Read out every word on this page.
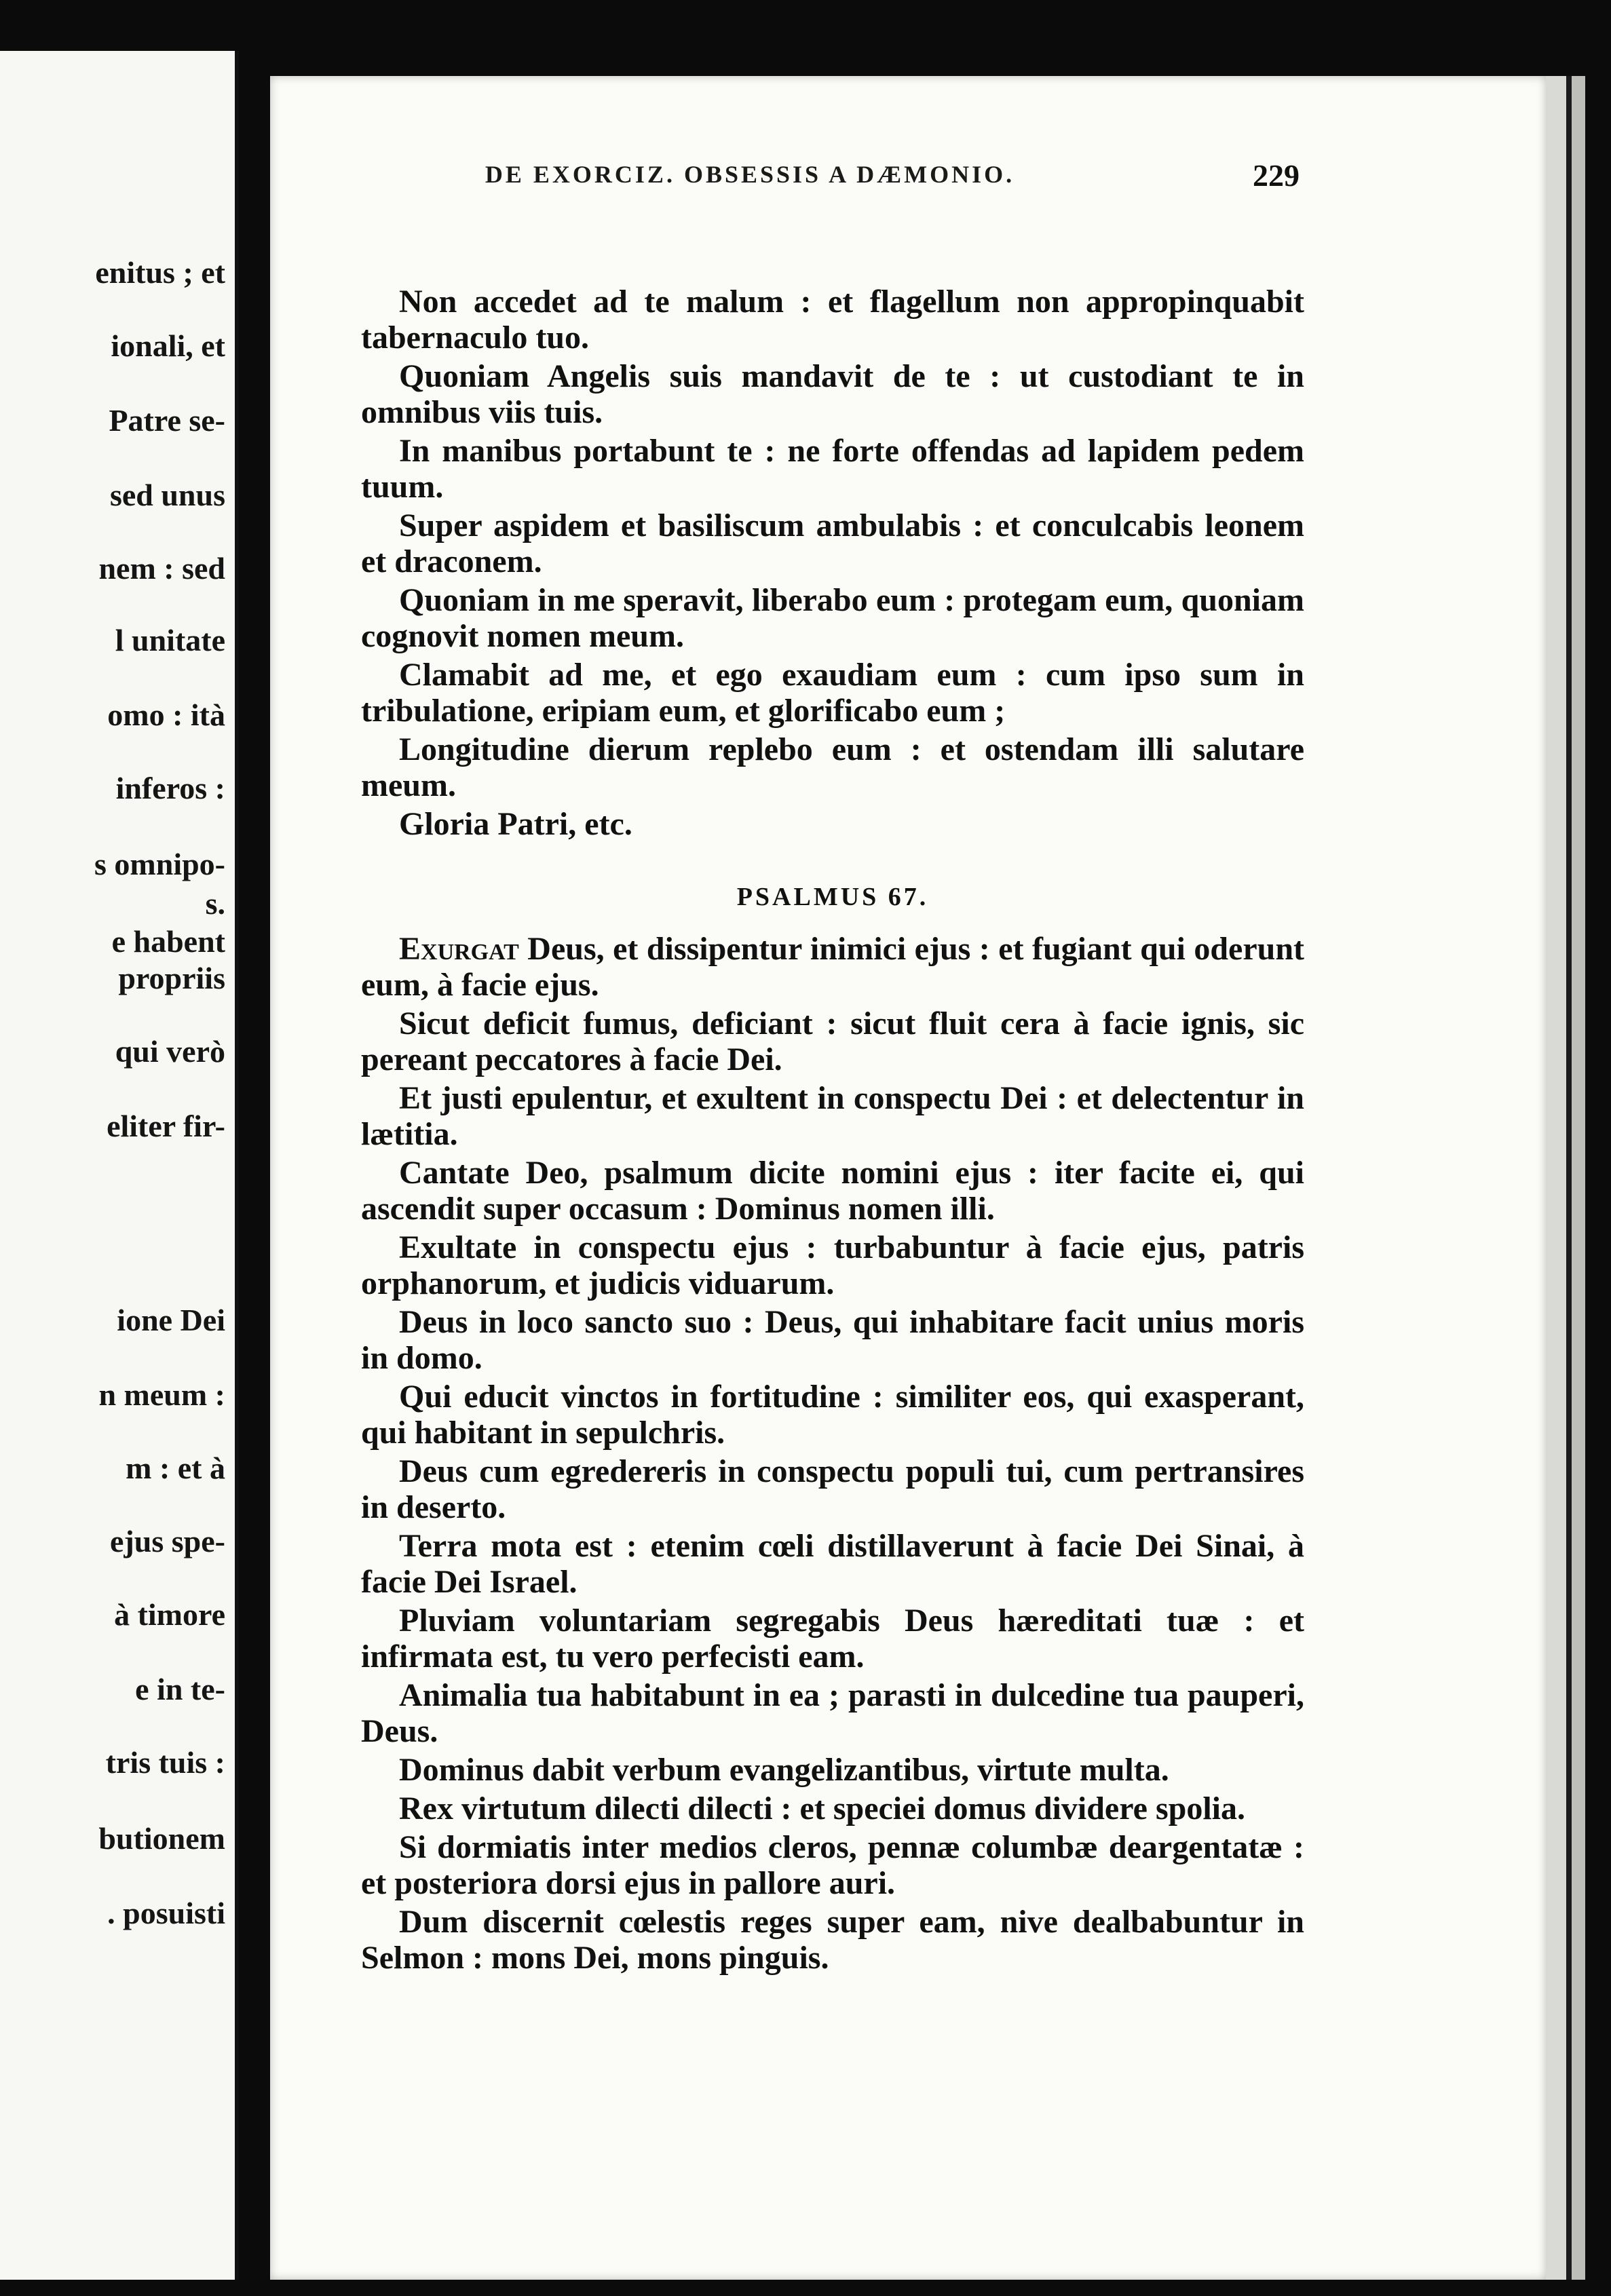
enitus ; et
ionali, et
Patre se-
sed unus
nem : sed
l unitate
omo : ità
inferos :
s omnipo-
s.
e habent
propriis
qui verò
eliter fir-
ione Dei
n meum :
m : et à
ejus spe-
à timore
e in te-
tris tuis :
butionem
. posuisti
DE EXORCIZ. OBSESSIS A DÆMONIO.	229

Non accedet ad te malum : et flagellum non appropinquabit tabernaculo tuo.

Quoniam Angelis suis mandavit de te : ut custodiant te in omnibus viis tuis.

In manibus portabunt te : ne forte offendas ad lapidem pedem tuum.

Super aspidem et basiliscum ambulabis : et conculcabis leonem et draconem.

Quoniam in me speravit, liberabo eum : protegam eum, quoniam cognovit nomen meum.

Clamabit ad me, et ego exaudiam eum : cum ipso sum in tribulatione, eripiam eum, et glorificabo eum ;

Longitudine dierum replebo eum : et ostendam illi salutare meum.

Gloria Patri, etc.

PSALMUS 67.

Exurgat Deus, et dissipentur inimici ejus : et fugiant qui oderunt eum, à facie ejus.

Sicut deficit fumus, deficiant : sicut fluit cera à facie ignis, sic pereant peccatores à facie Dei.

Et justi epulentur, et exultent in conspectu Dei : et delectentur in lætitia.

Cantate Deo, psalmum dicite nomini ejus : iter facite ei, qui ascendit super occasum : Dominus nomen illi.

Exultate in conspectu ejus : turbabuntur à facie ejus, patris orphanorum, et judicis viduarum.

Deus in loco sancto suo : Deus, qui inhabitare facit unius moris in domo.

Qui educit vinctos in fortitudine : similiter eos, qui exasperant, qui habitant in sepulchris.

Deus cum egredereris in conspectu populi tui, cum pertransires in deserto.

Terra mota est : etenim cœli distillaverunt à facie Dei Sinai, à facie Dei Israel.

Pluviam voluntariam segregabis Deus hæreditati tuæ : et infirmata est, tu vero perfecisti eam.

Animalia tua habitabunt in ea ; parasti in dulcedine tua pauperi, Deus.

Dominus dabit verbum evangelizantibus, virtute multa.

Rex virtutum dilecti dilecti : et speciei domus dividere spolia.

Si dormiatis inter medios cleros, pennæ columbæ deargentatæ : et posteriora dorsi ejus in pallore auri.

Dum discernit cœlestis reges super eam, nive dealbabuntur in Selmon : mons Dei, mons pinguis.
